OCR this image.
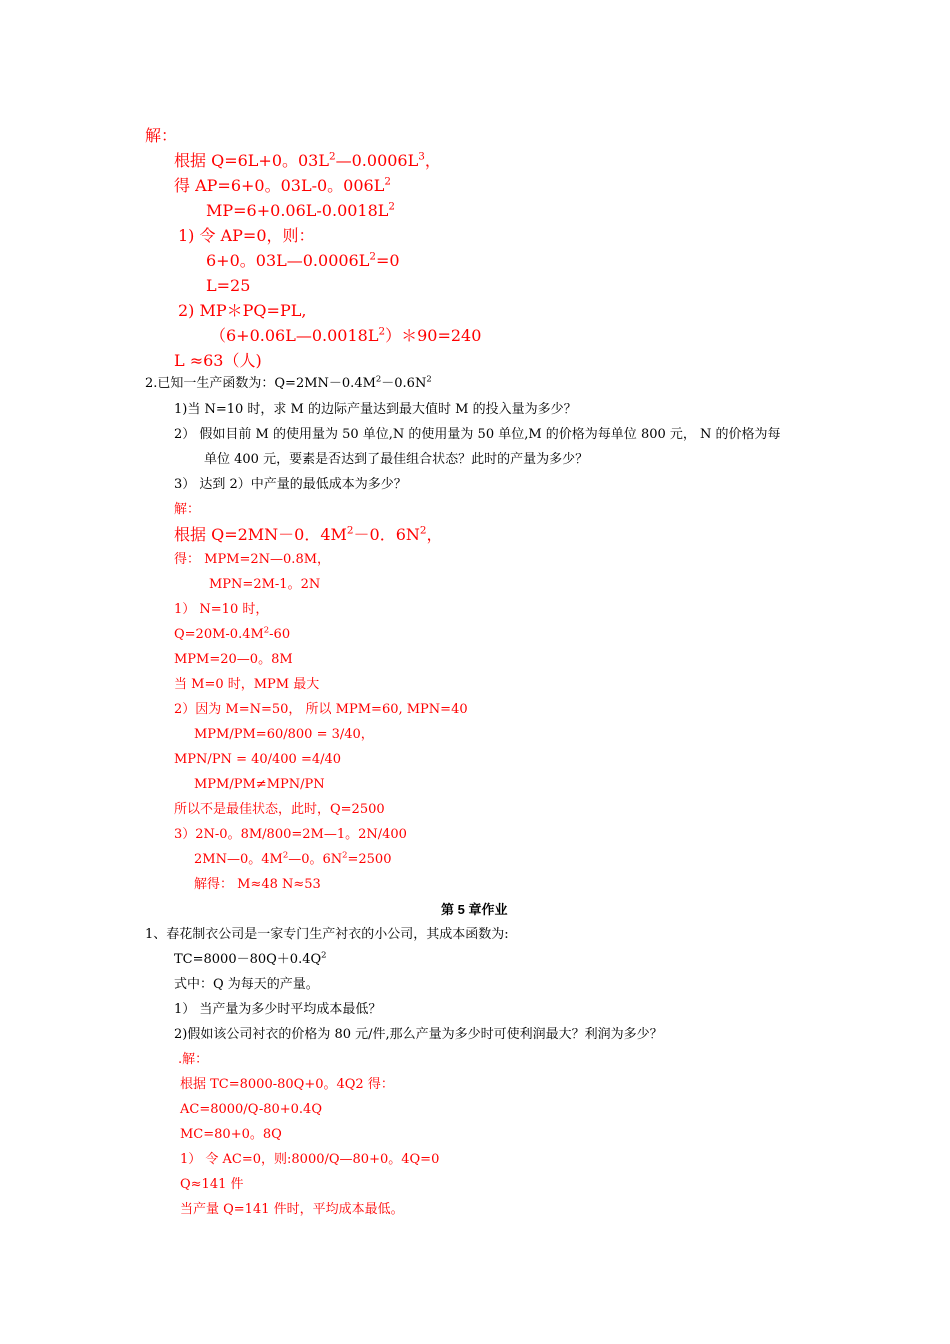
解：
根据 Q=6L+0。$03L^2—0.0006L^3$，
得 AP=6+0。03L-0。$006L^2$
$MP=6+0.06L-0.0018L^2$
1) 令 AP=0，则：
6+0。$03L—0.0006L^2=0$
L=25
2) MP＊PQ=PL,
$(6+0.06L—0.0018L^2)*90=240$
L ≈63（人)
2.已知一生产函数为：$Q=2MN-0.4M^2-0.6N^2$
1)当 N=10 时，求 M 的边际产量达到最大值时 M 的投入量为多少？
2） 假如目前 M 的使用量为 50 单位,N 的使用量为 50 单位,M 的价格为每单位 800 元， N 的价格为每
单位 400 元，要素是否达到了最佳组合状态？此时的产量为多少？
3） 达到 2）中产量的最低成本为多少？
解：
根据 Q=2MN－0．$4M^2-0$．$6N^2$，
得： MPM=2N—0.8M，
MPN=2M-1。2N
1） N=10 时，
$Q=20M-0.4M^2-60$
MPM=20—0。8M
当 M=0 时，MPM 最大
2）因为 M=N=50， 所以 MPM=60, MPN=40
MPM/PM=60/800 = 3/40，
MPN/PN = 40/400 =4/40
MPM/PM≠MPN/PN
所以不是最佳状态，此时，Q=2500
3）2N-0。8M/800=2M—1。2N/400
2MN—0。$4M^2—0$。$6N^2=2500$
解得： M≈48 N≈53
第 5 章作业
1、春花制衣公司是一家专门生产衬衣的小公司，其成本函数为:
$TC=8000-80Q+0.4Q^2$
式中：Q 为每天的产量。
1） 当产量为多少时平均成本最低？
2)假如该公司衬衣的价格为 80 元/件,那么产量为多少时可使利润最大？利润为多少？
.解：
根据 TC=8000-80Q+0。4Q2 得：
AC=8000/Q-80+0.4Q
MC=80+0。8Q
1） 令 AC=0，则:8000/Q—80+0。4Q=0
Q≈141 件
当产量 Q=141 件时，平均成本最低。
